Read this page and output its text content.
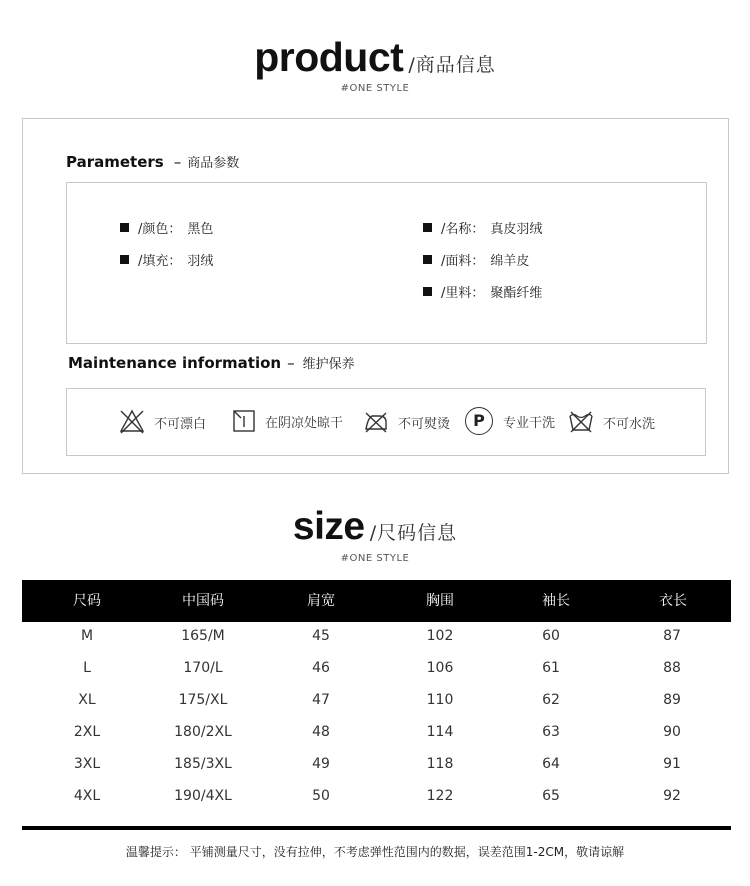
product /商品信息
#ONE STYLE
Parameters – 商品参数
/颜色： 黑色	/名称： 真皮羽绒
/填充： 羽绒	/面料： 绵羊皮
/里料： 聚酯纤维
Maintenance information – 维护保养
不可漂白	在阴凉处晾干	不可熨烫	P	专业干洗	不可水洗
size /尺码信息
#ONE STYLE
尺码	中国码	肩宽	胸围	袖长	衣长
M	165/M	45	102	60	87
L	170/L	46	106	61	88
XL	175/XL	47	110	62	89
2XL	180/2XL	48	114	63	90
3XL	185/3XL	49	118	64	91
4XL	190/4XL	50	122	65	92
温馨提示： 平铺测量尺寸，没有拉伸，不考虑弹性范围内的数据，误差范围1-2CM，敬请谅解
